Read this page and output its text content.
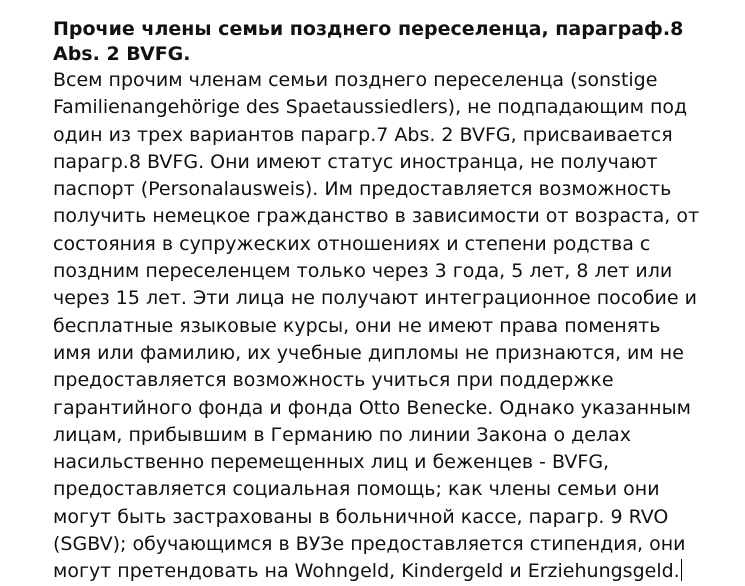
Прочие члены семьи позднего переселенца, параграф.8
Abs. 2 BVFG.
Всем прочим членам семьи позднего переселенца (sonstige
Familienangehörige des Spaetaussiedlers), не подпадающим под
один из трех вариантов парагр.7 Abs. 2 BVFG, присваивается
парагр.8 BVFG. Они имеют статус иностранца, не получают
паспорт (Personalausweis). Им предоставляется возможность
получить немецкое гражданство в зависимости от возраста, от
состояния в супружеских отношениях и степени родства с
поздним переселенцем только через 3 года, 5 лет, 8 лет или
через 15 лет. Эти лица не получают интеграционное пособие и
бесплатные языковые курсы, они не имеют права поменять
имя или фамилию, их учебные дипломы не признаются, им не
предоставляется возможность учиться при поддержке
гарантийного фонда и фонда Otto Benecke. Однако указанным
лицам, прибывшим в Германию по линии Закона о делах
насильственно перемещенных лиц и беженцев - BVFG,
предоставляется социальная помощь; как члены семьи они
могут быть застрахованы в больничной кассе, парагр. 9 RVO
(SGBV); обучающимся в ВУЗе предоставляется стипендия, они
могут претендовать на Wohngeld, Kindergeld и Erziehungsgeld.
